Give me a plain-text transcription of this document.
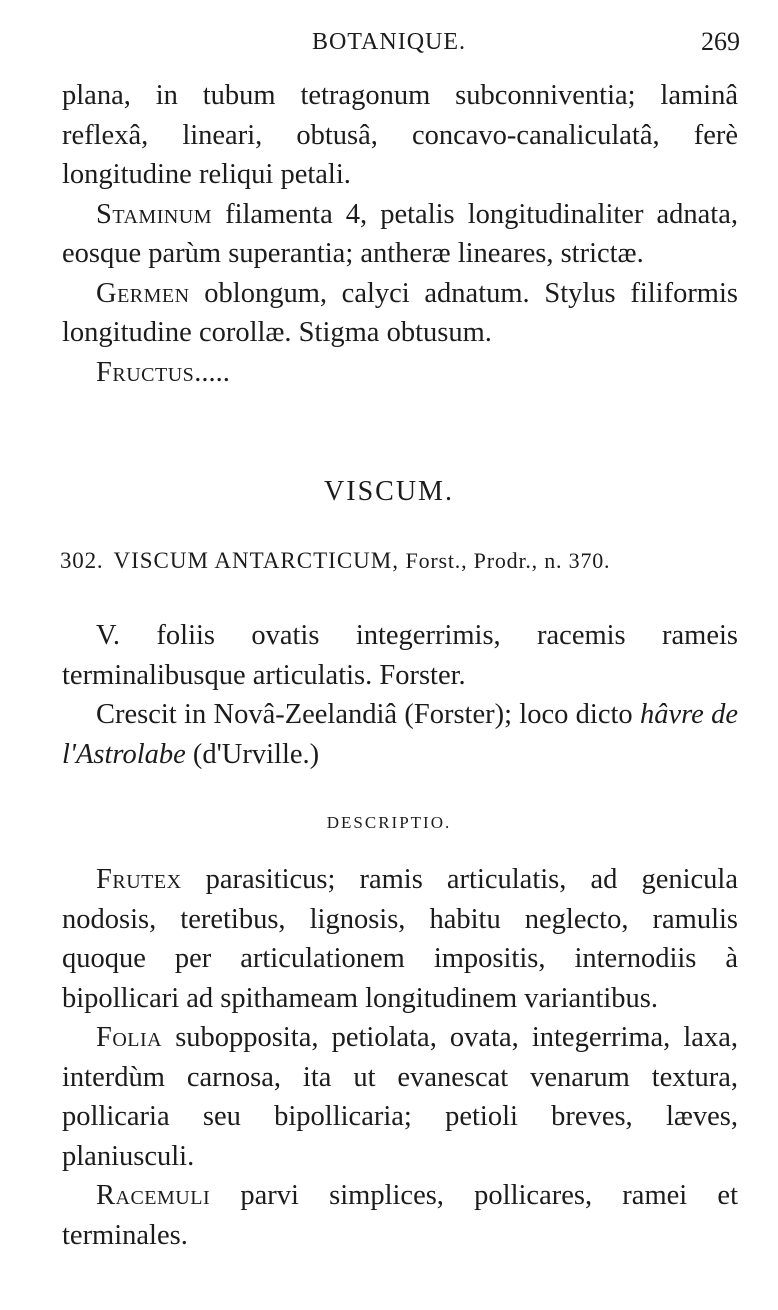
BOTANIQUE.	269

plana, in tubum tetragonum subconniventia; laminâ reflexâ, lineari, obtusâ, concavo-canaliculatâ, ferè longitudine reliqui petali.

Staminum filamenta 4, petalis longitudinaliter adnata, eosque parùm superantia; antheræ lineares, strictæ.

Germen oblongum, calyci adnatum. Stylus filiformis longitudine corollæ. Stigma obtusum.

Fructus.....

VISCUM.
302. VISCUM ANTARCTICUM, Forst., Prodr., n. 370.

V. foliis ovatis integerrimis, racemis rameis terminalibusque articulatis. Forster.

Crescit in Novâ-Zeelandiâ (Forster); loco dicto hâvre de l'Astrolabe (d'Urville.)

DESCRIPTIO.

Frutex parasiticus; ramis articulatis, ad genicula nodosis, teretibus, lignosis, habitu neglecto, ramulis quoque per articulationem impositis, internodiis à bipollicari ad spithameam longitudinem variantibus.

Folia subopposita, petiolata, ovata, integerrima, laxa, interdùm carnosa, ita ut evanescat venarum textura, pollicaria seu bipollicaria; petioli breves, læves, planiusculi.

Racemuli parvi simplices, pollicares, ramei et terminales.
